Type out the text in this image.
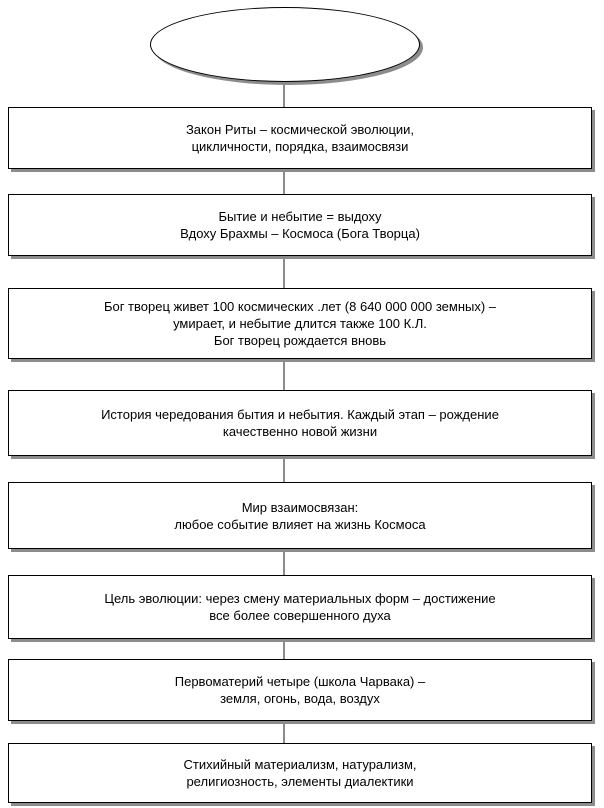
Закон Риты – космической эволюции,
цикличности, порядка, взаимосвязи
Бытие и небытие = выдоху
Вдоху Брахмы – Космоса (Бога Творца)
Бог творец живет 100 космических .лет (8 640 000 000 земных) –
умирает, и небытие длится также 100 К.Л.
Бог творец рождается вновь
История чередования бытия и небытия. Каждый этап – рождение
качественно новой жизни
Мир взаимосвязан:
любое событие влияет на жизнь Космоса
Цель эволюции: через смену материальных форм – достижение
все более совершенного духа
Первоматерий четыре (школа Чарвака) –
земля, огонь, вода, воздух
Стихийный материализм, натурализм,
религиозность, элементы диалектики
